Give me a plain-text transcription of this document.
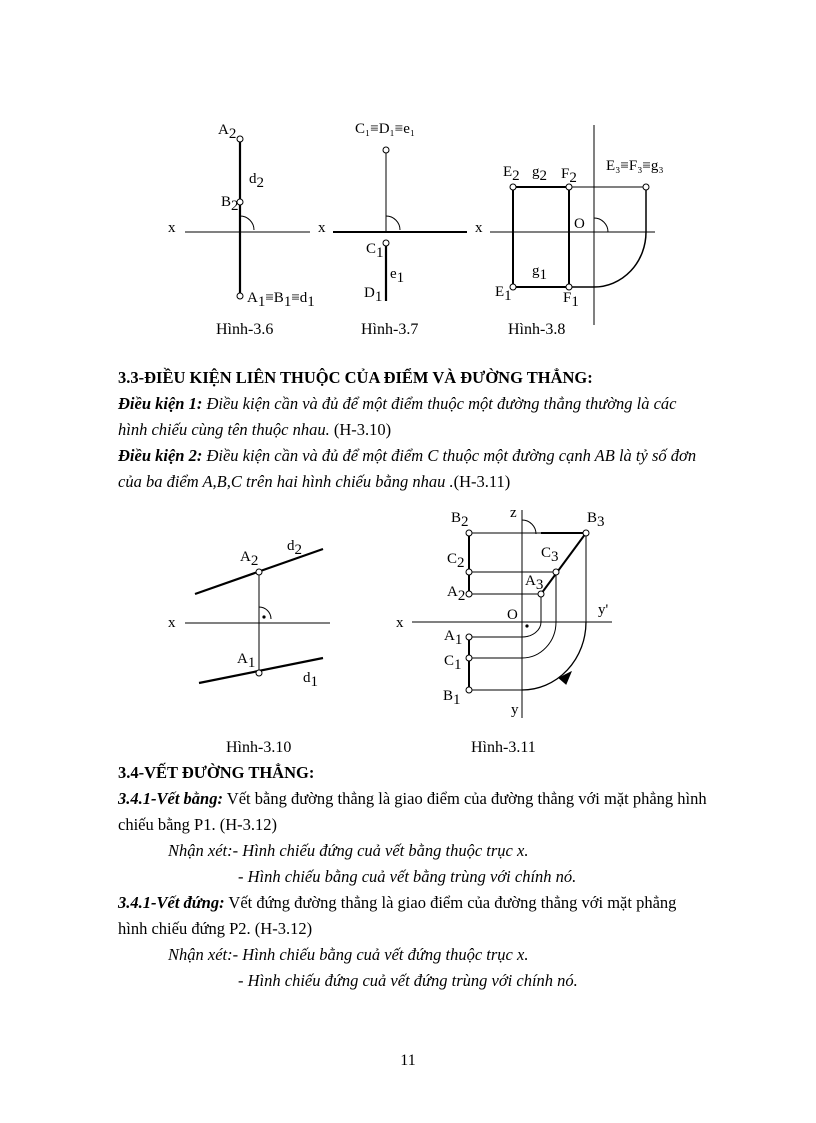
A2
d2
B2
x
A1≡B1≡d1
Hình-3.6
C₁≡D₁≡e₁
x
C1
e1
D1
Hình-3.7
x
E2 g2 F2
E₃≡F₃≡g₃
O
g1
E1	F1
Hình-3.8
x
A2
d2
A1
d1
Hình-3.10
B2
z	B3
C2
C3
A3
A2
x	O	y'
A1
C1
B1
y
Hình-3.11
3.3-ĐIỀU KIỆN LIÊN THUỘC CỦA ĐIỂM VÀ ĐƯỜNG THẲNG:
Điều kiện 1: Điều kiện cần và đủ để một điểm thuộc một đường thẳng thường là các hình chiếu cùng tên thuộc nhau. (H-3.10)
Điều kiện 2: Điều kiện cần và đủ để một điểm C thuộc một đường cạnh AB là tỷ số đơn của ba điểm A,B,C trên hai hình chiếu bằng nhau .(H-3.11)
3.4-VẾT ĐƯỜNG THẲNG:
3.4.1-Vết bằng: Vết bằng đường thẳng là giao điểm của đường thẳng với mặt phẳng hình chiếu bằng P1. (H-3.12)
Nhận xét:- Hình chiếu đứng cuả vết bằng thuộc trục x.
- Hình chiếu bằng cuả vết bằng trùng với chính nó.
3.4.1-Vết đứng: Vết đứng đường thẳng là giao điểm của đường thẳng với mặt phẳng hình chiếu đứng P2. (H-3.12)
Nhận xét:- Hình chiếu bằng cuả vết đứng thuộc trục x.
- Hình chiếu đứng cuả vết đứng trùng với chính nó.
11
